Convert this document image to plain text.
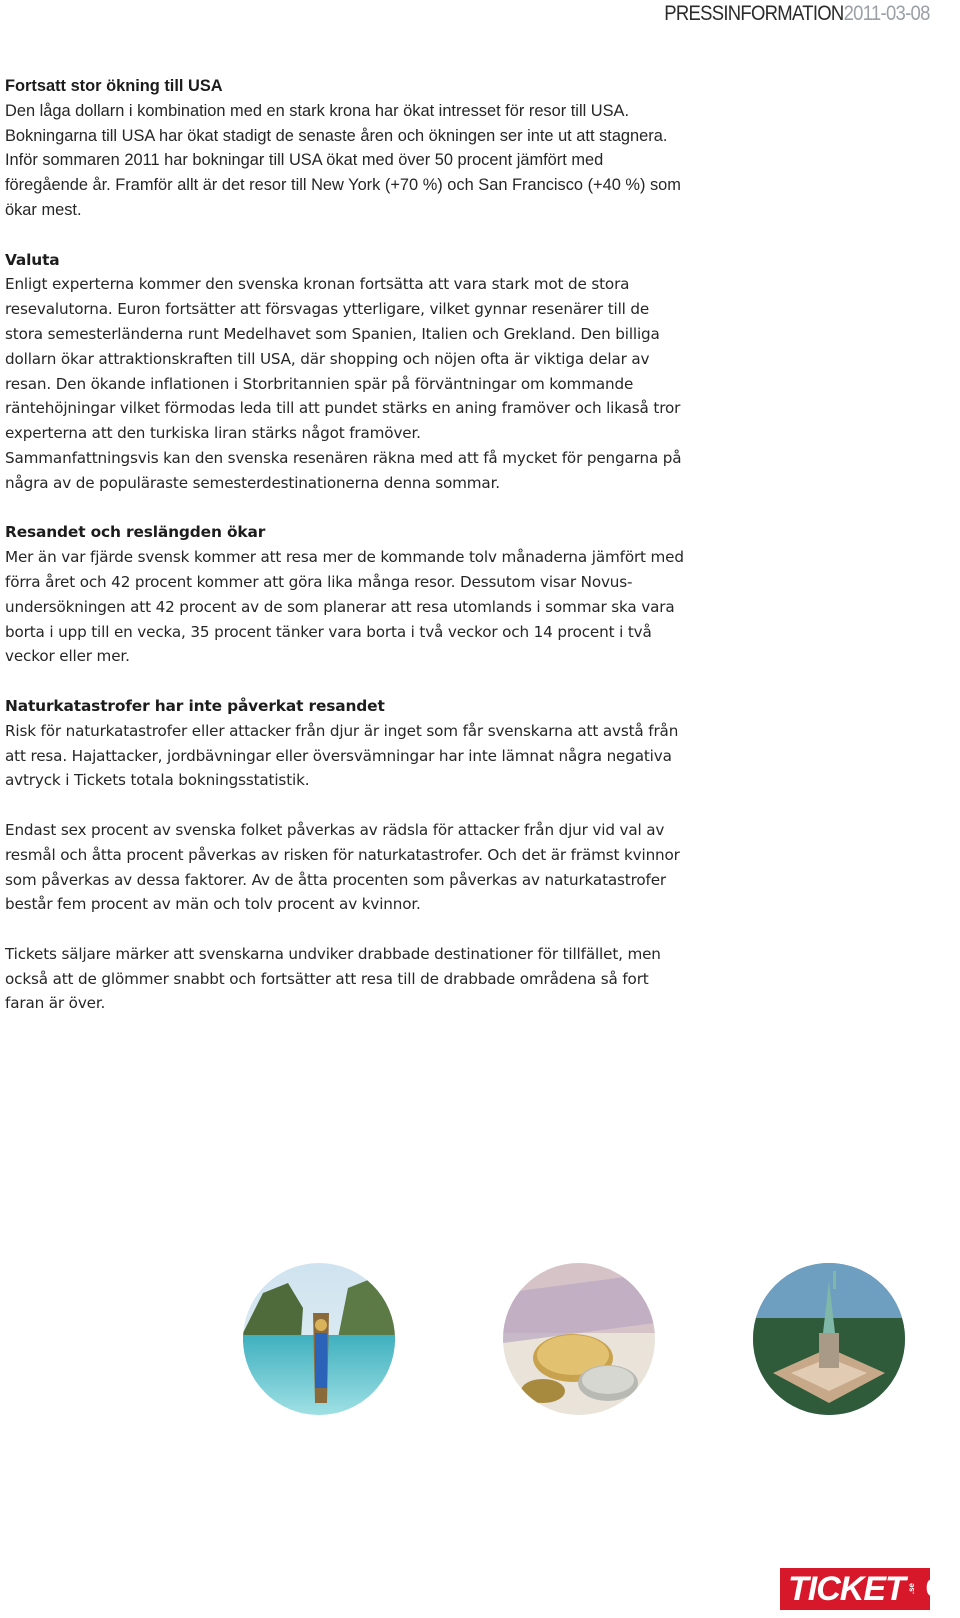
PRESSINFORMATION2011-03-08
Fortsatt stor ökning till USA

Den låga dollarn i kombination med en stark krona har ökat intresset för resor till USA. Bokningarna till USA har ökat stadigt de senaste åren och ökningen ser inte ut att stagnera. Inför sommaren 2011 har bokningar till USA ökat med över 50 procent jämfört med föregående år. Framför allt är det resor till New York (+70 %) och San Francisco (+40 %) som ökar mest.

Valuta

Enligt experterna kommer den svenska kronan fortsätta att vara stark mot de stora resevalutorna. Euron fortsätter att försvagas ytterligare, vilket gynnar resenärer till de stora semesterländerna runt Medelhavet som Spanien, Italien och Grekland. Den billiga dollarn ökar attraktionskraften till USA, där shopping och nöjen ofta är viktiga delar av resan. Den ökande inflationen i Storbritannien spär på förväntningar om kommande räntehöjningar vilket förmodas leda till att pundet stärks en aning framöver och likaså tror experterna att den turkiska liran stärks något framöver.

Sammanfattningsvis kan den svenska resenären räkna med att få mycket för pengarna på några av de populäraste semesterdestinationerna denna sommar.

Resandet och reslängden ökar

Mer än var fjärde svensk kommer att resa mer de kommande tolv månaderna jämfört med förra året och 42 procent kommer att göra lika många resor. Dessutom visar Novus-undersökningen att 42 procent av de som planerar att resa utomlands i sommar ska vara borta i upp till en vecka, 35 procent tänker vara borta i två veckor och 14 procent i två veckor eller mer.

Naturkatastrofer har inte påverkat resandet

Risk för naturkatastrofer eller attacker från djur är inget som får svenskarna att avstå från att resa. Hajattacker, jordbävningar eller översvämningar har inte lämnat några negativa avtryck i Tickets totala bokningsstatistik.

Endast sex procent av svenska folket påverkas av rädsla för attacker från djur vid val av resmål och åtta procent påverkas av risken för naturkatastrofer. Och det är främst kvinnor som påverkas av dessa faktorer. Av de åtta procenten som påverkas av naturkatastrofer består fem procent av män och tolv procent av kvinnor.

Tickets säljare märker att svenskarna undviker drabbade destinationer för tillfället, men också att de glömmer snabbt och fortsätter att resa till de drabbade områdena så fort faran är över.

TICKET .se 03
